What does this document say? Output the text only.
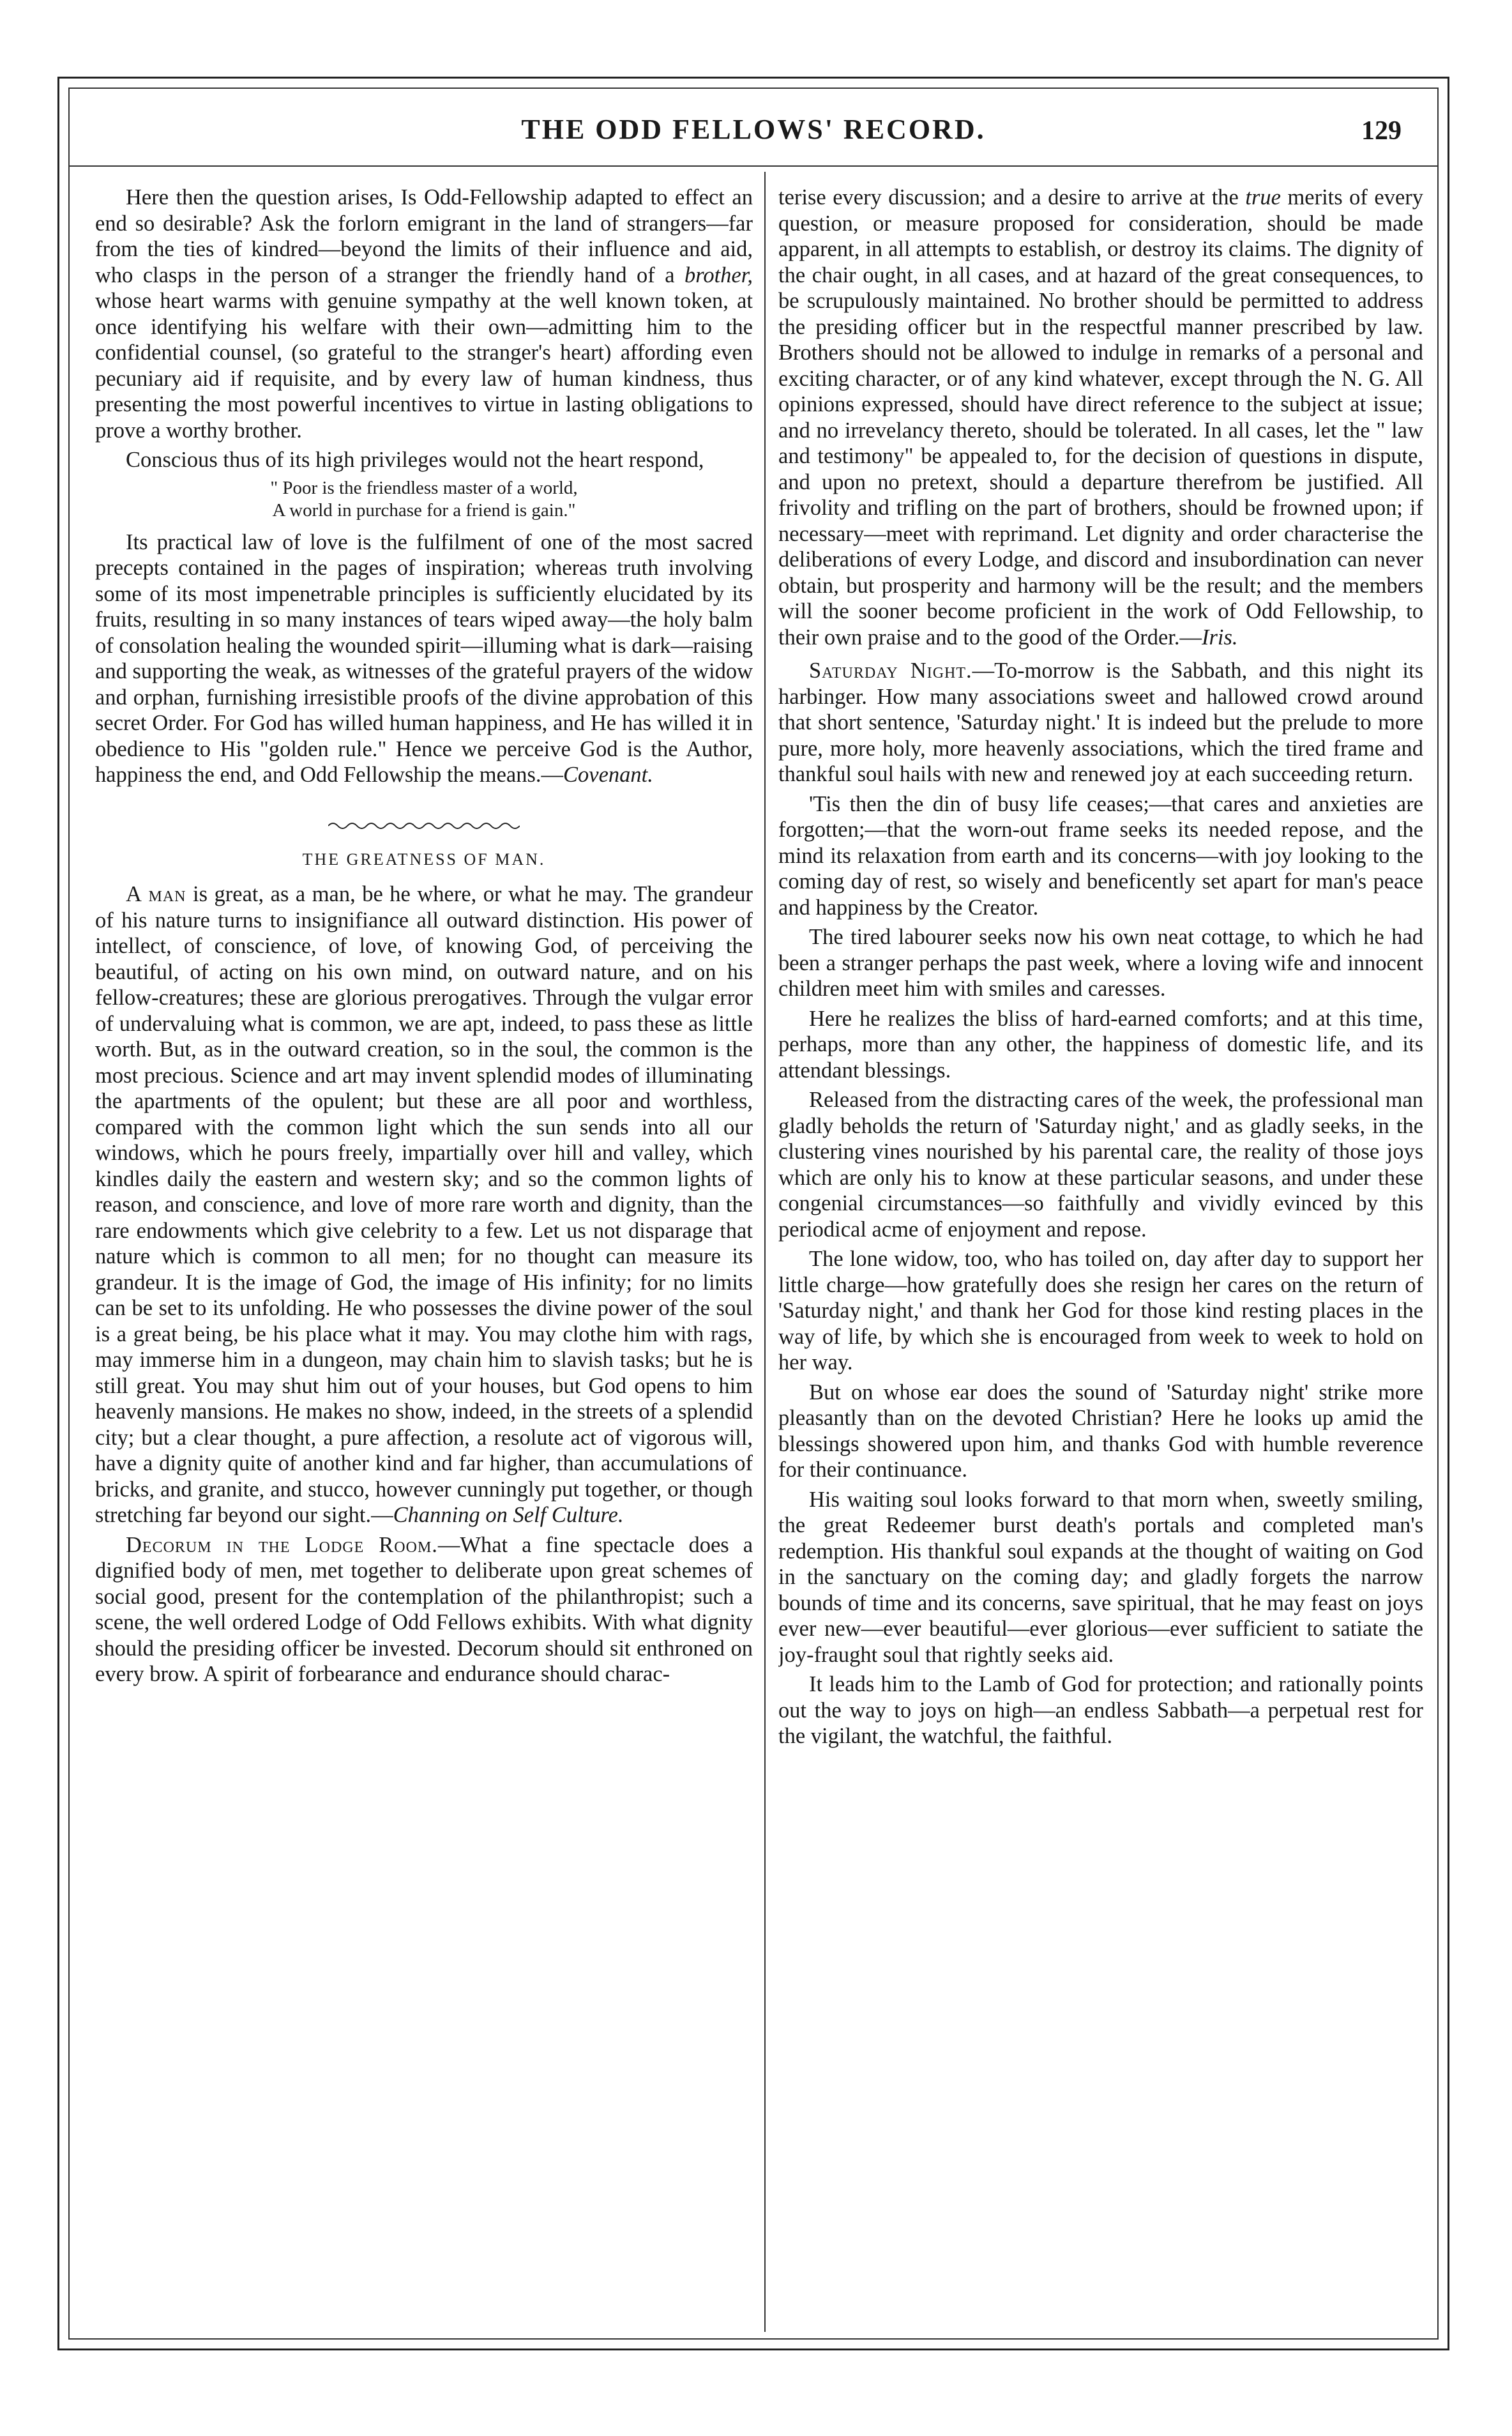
THE ODD FELLOWS' RECORD.	129

Here then the question arises, Is Odd-Fellowship adapted to effect an end so desirable? Ask the forlorn emigrant in the land of strangers—far from the ties of kindred—beyond the limits of their influence and aid, who clasps in the person of a stranger the friendly hand of a brother, whose heart warms with genuine sympathy at the well known token, at once identifying his welfare with their own—admitting him to the confidential counsel, (so grateful to the stranger's heart) affording even pecuniary aid if requisite, and by every law of human kindness, thus presenting the most powerful incentives to virtue in lasting obligations to prove a worthy brother.

Conscious thus of its high privileges would not the heart respond,

" Poor is the friendless master of a world,
A world in purchase for a friend is gain."

Its practical law of love is the fulfilment of one of the most sacred precepts contained in the pages of inspiration; whereas truth involving some of its most impenetrable principles is sufficiently elucidated by its fruits, resulting in so many instances of tears wiped away—the holy balm of consolation healing the wounded spirit—illuming what is dark—raising and supporting the weak, as witnesses of the grateful prayers of the widow and orphan, furnishing irresistible proofs of the divine approbation of this secret Order. For God has willed human happiness, and He has willed it in obedience to His "golden rule." Hence we perceive God is the Author, happiness the end, and Odd Fellowship the means.—Covenant.

THE GREATNESS OF MAN.

A man is great, as a man, be he where, or what he may. The grandeur of his nature turns to insignifiance all outward distinction. His power of intellect, of conscience, of love, of knowing God, of perceiving the beautiful, of acting on his own mind, on outward nature, and on his fellow-creatures; these are glorious prerogatives. Through the vulgar error of undervaluing what is common, we are apt, indeed, to pass these as little worth. But, as in the outward creation, so in the soul, the common is the most precious. Science and art may invent splendid modes of illuminating the apartments of the opulent; but these are all poor and worthless, compared with the common light which the sun sends into all our windows, which he pours freely, impartially over hill and valley, which kindles daily the eastern and western sky; and so the common lights of reason, and conscience, and love of more rare worth and dignity, than the rare endowments which give celebrity to a few. Let us not disparage that nature which is common to all men; for no thought can measure its grandeur. It is the image of God, the image of His infinity; for no limits can be set to its unfolding. He who possesses the divine power of the soul is a great being, be his place what it may. You may clothe him with rags, may immerse him in a dungeon, may chain him to slavish tasks; but he is still great. You may shut him out of your houses, but God opens to him heavenly mansions. He makes no show, indeed, in the streets of a splendid city; but a clear thought, a pure affection, a resolute act of vigorous will, have a dignity quite of another kind and far higher, than accumulations of bricks, and granite, and stucco, however cunningly put together, or though stretching far beyond our sight.—Channing on Self Culture.

Decorum in the Lodge Room.—What a fine spectacle does a dignified body of men, met together to deliberate upon great schemes of social good, present for the contemplation of the philanthropist; such a scene, the well ordered Lodge of Odd Fellows exhibits. With what dignity should the presiding officer be invested. Decorum should sit enthroned on every brow. A spirit of forbearance and endurance should charac-

terise every discussion; and a desire to arrive at the true merits of every question, or measure proposed for consideration, should be made apparent, in all attempts to establish, or destroy its claims. The dignity of the chair ought, in all cases, and at hazard of the great consequences, to be scrupulously maintained. No brother should be permitted to address the presiding officer but in the respectful manner prescribed by law. Brothers should not be allowed to indulge in remarks of a personal and exciting character, or of any kind whatever, except through the N. G. All opinions expressed, should have direct reference to the subject at issue; and no irrevelancy thereto, should be tolerated. In all cases, let the " law and testimony" be appealed to, for the decision of questions in dispute, and upon no pretext, should a departure therefrom be justified. All frivolity and trifling on the part of brothers, should be frowned upon; if necessary—meet with reprimand. Let dignity and order characterise the deliberations of every Lodge, and discord and insubordination can never obtain, but prosperity and harmony will be the result; and the members will the sooner become proficient in the work of Odd Fellowship, to their own praise and to the good of the Order.—Iris.

Saturday Night.—To-morrow is the Sabbath, and this night its harbinger. How many associations sweet and hallowed crowd around that short sentence, 'Saturday night.' It is indeed but the prelude to more pure, more holy, more heavenly associations, which the tired frame and thankful soul hails with new and renewed joy at each succeeding return.

'Tis then the din of busy life ceases;—that cares and anxieties are forgotten;—that the worn-out frame seeks its needed repose, and the mind its relaxation from earth and its concerns—with joy looking to the coming day of rest, so wisely and beneficently set apart for man's peace and happiness by the Creator.

The tired labourer seeks now his own neat cottage, to which he had been a stranger perhaps the past week, where a loving wife and innocent children meet him with smiles and caresses.

Here he realizes the bliss of hard-earned comforts; and at this time, perhaps, more than any other, the happiness of domestic life, and its attendant blessings.

Released from the distracting cares of the week, the professional man gladly beholds the return of 'Saturday night,' and as gladly seeks, in the clustering vines nourished by his parental care, the reality of those joys which are only his to know at these particular seasons, and under these congenial circumstances—so faithfully and vividly evinced by this periodical acme of enjoyment and repose.

The lone widow, too, who has toiled on, day after day to support her little charge—how gratefully does she resign her cares on the return of 'Saturday night,' and thank her God for those kind resting places in the way of life, by which she is encouraged from week to week to hold on her way.

But on whose ear does the sound of 'Saturday night' strike more pleasantly than on the devoted Christian? Here he looks up amid the blessings showered upon him, and thanks God with humble reverence for their continuance.

His waiting soul looks forward to that morn when, sweetly smiling, the great Redeemer burst death's portals and completed man's redemption. His thankful soul expands at the thought of waiting on God in the sanctuary on the coming day; and gladly forgets the narrow bounds of time and its concerns, save spiritual, that he may feast on joys ever new—ever beautiful—ever glorious—ever sufficient to satiate the joy-fraught soul that rightly seeks aid.

It leads him to the Lamb of God for protection; and rationally points out the way to joys on high—an endless Sabbath—a perpetual rest for the vigilant, the watchful, the faithful.
